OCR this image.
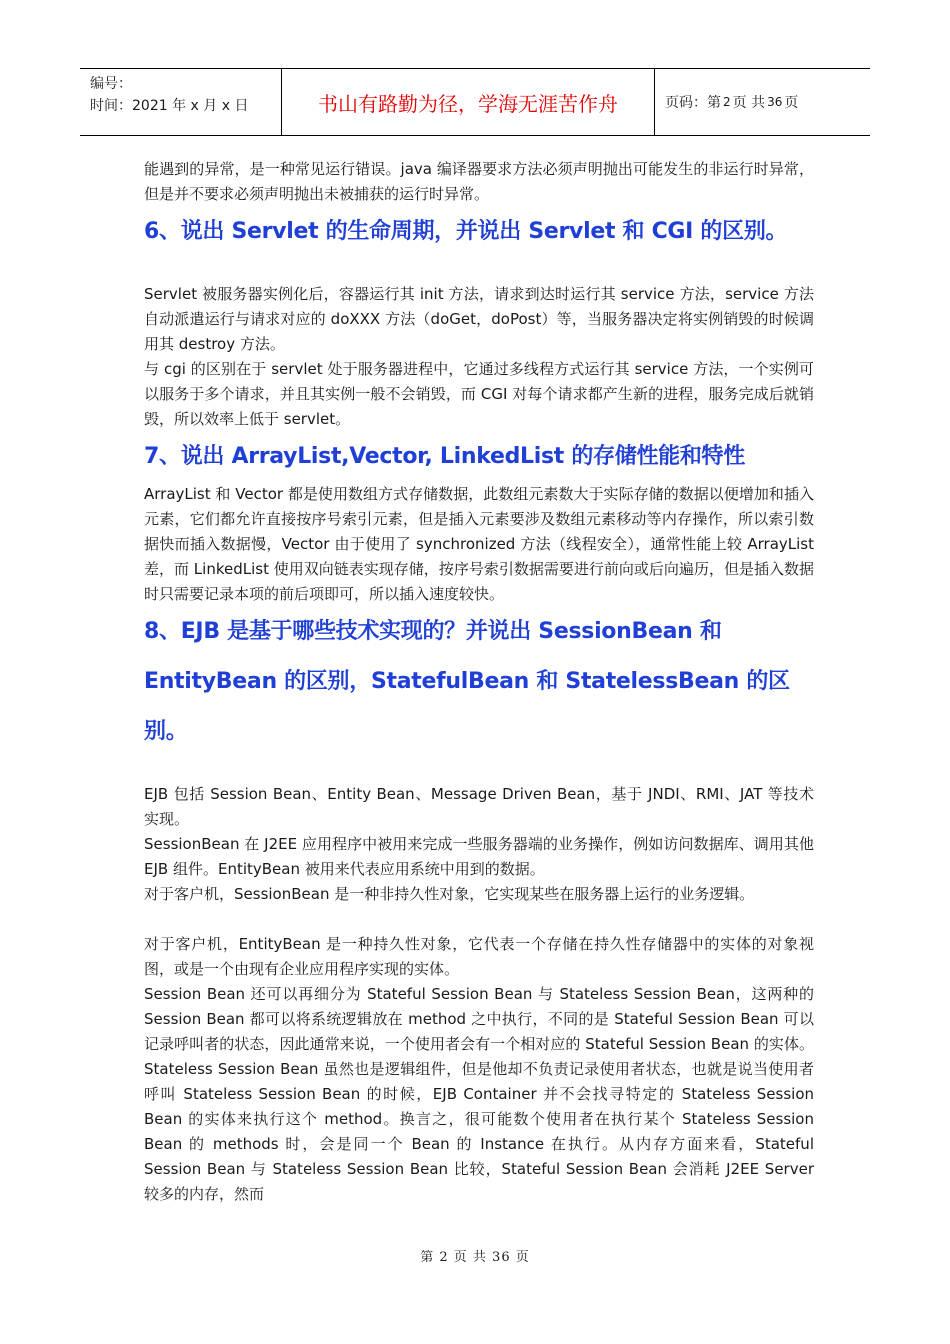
编号：
时间：2021 年 x 月 x 日	书山有路勤为径，学海无涯苦作舟	页码：第 2 页 共 36 页

能遇到的异常，是一种常见运行错误。java 编译器要求方法必须声明抛出可能发生的非运行时异常，但是并不要求必须声明抛出未被捕获的运行时异常。

6、说出 Servlet 的生命周期，并说出 Servlet 和 CGI 的区别。

Servlet 被服务器实例化后，容器运行其 init 方法，请求到达时运行其 service 方法，service 方法自动派遣运行与请求对应的 doXXX 方法（doGet，doPost）等，当服务器决定将实例销毁的时候调用其 destroy 方法。

与 cgi 的区别在于 servlet 处于服务器进程中，它通过多线程方式运行其 service 方法，一个实例可以服务于多个请求，并且其实例一般不会销毁，而 CGI 对每个请求都产生新的进程，服务完成后就销毁，所以效率上低于 servlet。

7、说出 ArrayList,Vector, LinkedList 的存储性能和特性

ArrayList 和 Vector 都是使用数组方式存储数据，此数组元素数大于实际存储的数据以便增加和插入元素，它们都允许直接按序号索引元素，但是插入元素要涉及数组元素移动等内存操作，所以索引数据快而插入数据慢，Vector 由于使用了 synchronized 方法（线程安全），通常性能上较 ArrayList 差，而 LinkedList 使用双向链表实现存储，按序号索引数据需要进行前向或后向遍历，但是插入数据时只需要记录本项的前后项即可，所以插入速度较快。

8、EJB 是基于哪些技术实现的？并说出 SessionBean 和
EntityBean 的区别，StatefulBean 和 StatelessBean 的区别。

EJB 包括 Session Bean、Entity Bean、Message Driven Bean，基于 JNDI、RMI、JAT 等技术实现。

SessionBean 在 J2EE 应用程序中被用来完成一些服务器端的业务操作，例如访问数据库、调用其他 EJB 组件。EntityBean 被用来代表应用系统中用到的数据。

对于客户机，SessionBean 是一种非持久性对象，它实现某些在服务器上运行的业务逻辑。

对于客户机，EntityBean 是一种持久性对象，它代表一个存储在持久性存储器中的实体的对象视图，或是一个由现有企业应用程序实现的实体。

Session Bean 还可以再细分为 Stateful Session Bean 与 Stateless Session Bean，这两种的 Session Bean 都可以将系统逻辑放在 method 之中执行，不同的是 Stateful Session Bean 可以记录呼叫者的状态，因此通常来说，一个使用者会有一个相对应的 Stateful Session Bean 的实体。Stateless Session Bean 虽然也是逻辑组件，但是他却不负责记录使用者状态，也就是说当使用者呼叫 Stateless Session Bean 的时候，EJB Container 并不会找寻特定的 Stateless Session Bean 的实体来执行这个 method。换言之，很可能数个使用者在执行某个 Stateless Session Bean 的 methods 时，会是同一个 Bean 的 Instance 在执行。从内存方面来看，Stateful Session Bean 与 Stateless Session Bean 比较，Stateful Session Bean 会消耗 J2EE Server 较多的内存，然而

第 2 页 共 36 页
